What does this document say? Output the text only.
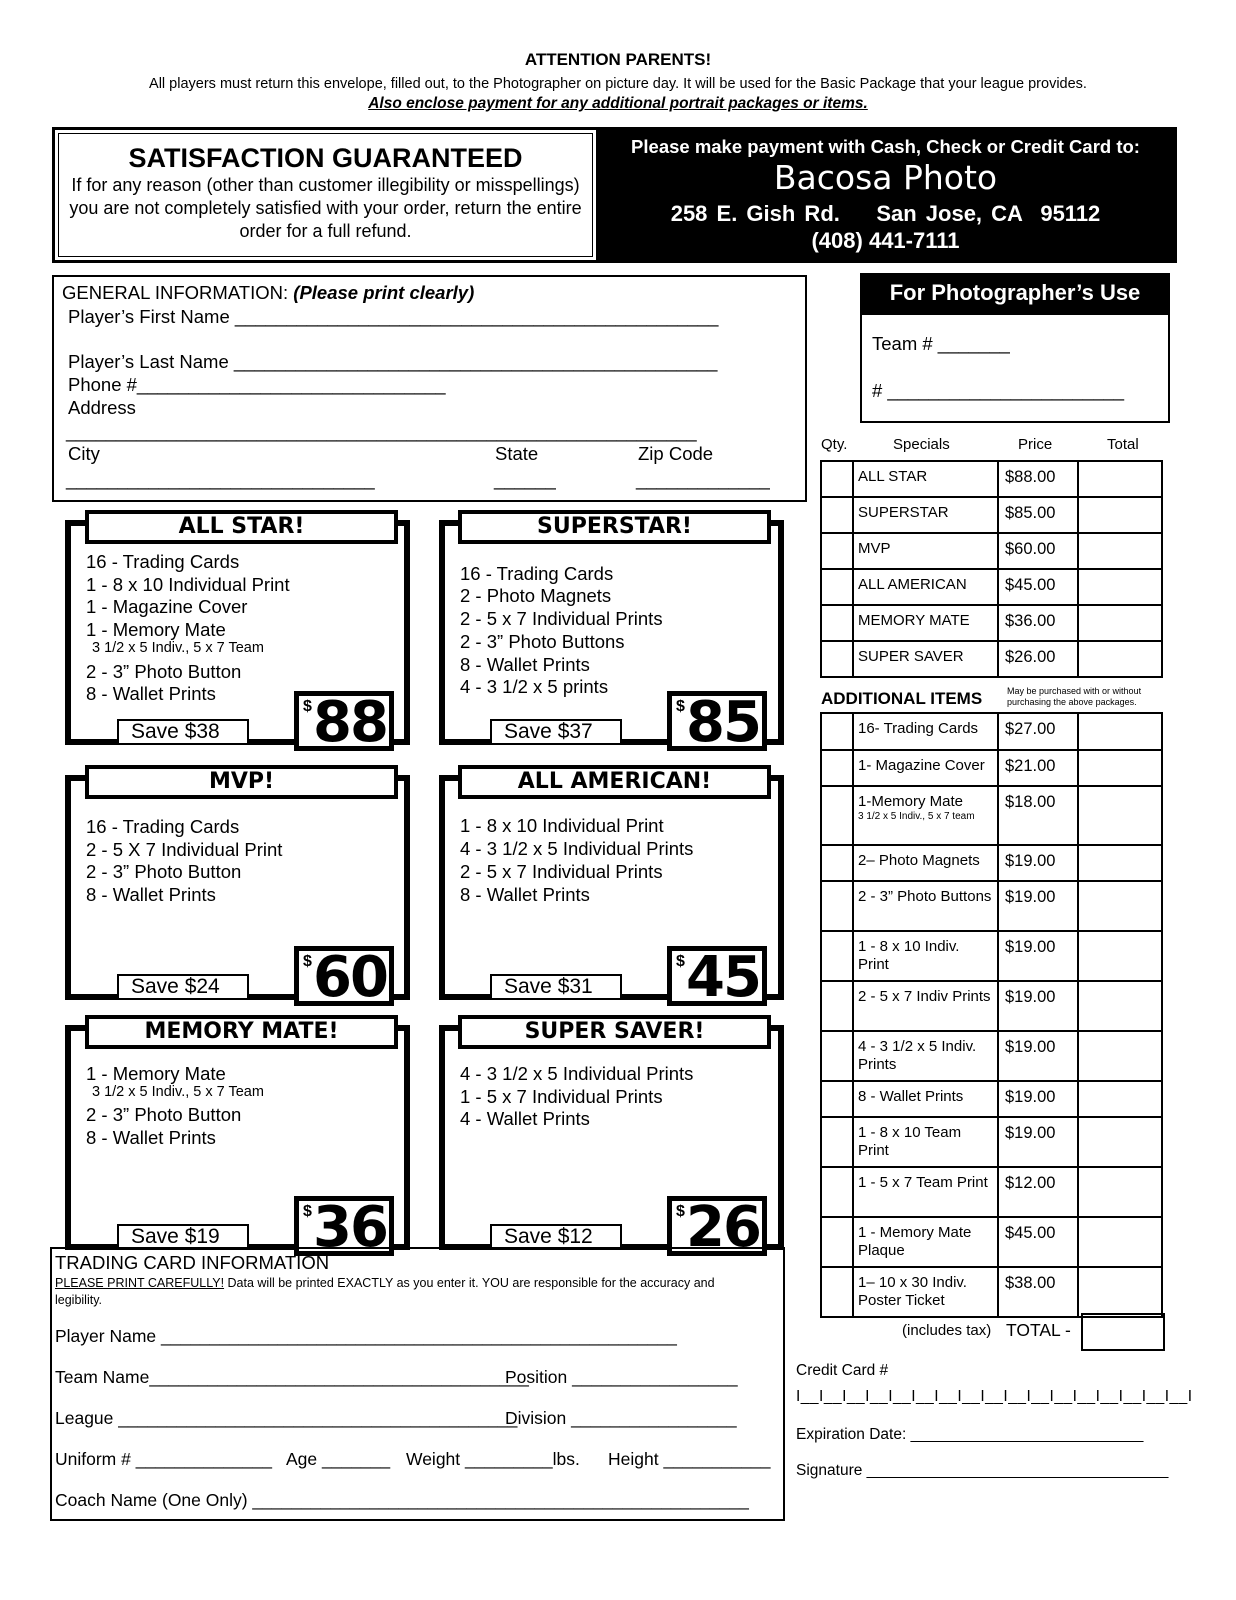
ATTENTION PARENTS!
All players must return this envelope, filled out, to the Photographer on picture day. It will be used for the Basic Package that your league provides.
Also enclose payment for any additional portrait packages or items.
SATISFACTION GUARANTEED
If for any reason (other than customer illegibility or misspellings) you are not completely satisfied with your order, return the entire order for a full refund.
Please make payment with Cash, Check or Credit Card to:
Bacosa Photo
258 E. Gish Rd.    San Jose, CA  95112
(408) 441-7111
GENERAL INFORMATION: (Please print clearly)
Player’s First Name _______________________________________________
Player’s Last Name _______________________________________________
Phone #______________________________
Address
_______________________________________________________________
City	State	Zip Code
______________________________	______	_____________
For Photographer’s Use
Team # _______
# _______________________
ALL STAR!
16 - Trading Cards
1 - 8 x 10 Individual Print
1 - Magazine Cover
1 - Memory Mate
3 1/2 x 5 Indiv., 5 x 7 Team
2 - 3” Photo Button
8 - Wallet Prints
Save $38
$ 88
SUPERSTAR!
16 - Trading Cards
2 - Photo Magnets
2 - 5 x 7 Individual Prints
2 - 3” Photo Buttons
8 - Wallet Prints
4 - 3 1/2 x 5 prints
Save $37
$ 85
MVP!
16 - Trading Cards
2 - 5 X 7 Individual Print
2 - 3” Photo Button
8 - Wallet Prints
Save $24
$ 60
ALL AMERICAN!
1 - 8 x 10 Individual Print
4 - 3 1/2 x 5 Individual Prints
2 - 5 x 7 Individual Prints
8 - Wallet Prints
Save $31
$ 45
MEMORY MATE!
1 - Memory Mate
3 1/2 x 5 Indiv., 5 x 7 Team
2 - 3” Photo Button
8 - Wallet Prints
Save $19
$ 36
SUPER SAVER!
4 - 3 1/2 x 5 Individual Prints
1 - 5 x 7 Individual Prints
4 - Wallet Prints
Save $12
$ 26
Qty.	Specials	Price	Total
	ALL STAR	$88.00	
	SUPERSTAR	$85.00	
	MVP	$60.00	
	ALL AMERICAN	$45.00	
	MEMORY MATE	$36.00	
	SUPER SAVER	$26.00	
ADDITIONAL ITEMS	May be purchased with or without purchasing the above packages.
	16- Trading Cards	$27.00	
	1- Magazine Cover	$21.00	
	1-Memory Mate
3 1/2 x 5 Indiv., 5 x 7 team	$18.00	
	2– Photo Magnets	$19.00	
	2 - 3” Photo Buttons	$19.00	
	1 - 8 x 10 Indiv. Print	$19.00	
	2 - 5 x 7 Indiv Prints	$19.00	
	4 - 3 1/2 x 5 Indiv. Prints	$19.00	
	8 - Wallet Prints	$19.00	
	1 - 8 x 10 Team Print	$19.00	
	1 - 5 x 7 Team Print	$12.00	
	1 - Memory Mate Plaque	$45.00	
	1– 10 x 30 Indiv. Poster Ticket	$38.00	
(includes tax) TOTAL -
TRADING CARD INFORMATION
PLEASE PRINT CAREFULLY! Data will be printed EXACTLY as you enter it. YOU are responsible for the accuracy and legibility.
Player Name _____________________________________________________
Team Name_______________________________________
Position _________________
League _________________________________________
Division _________________
Uniform # ______________ Age _______ Weight _________lbs. Height ___________
Coach Name (One Only) ___________________________________________________
Credit Card #
I__I__I__I__I__I__I__I__I__I__I__I__I__I__I__I__I__I
Expiration Date: ___________________________
Signature ___________________________________
